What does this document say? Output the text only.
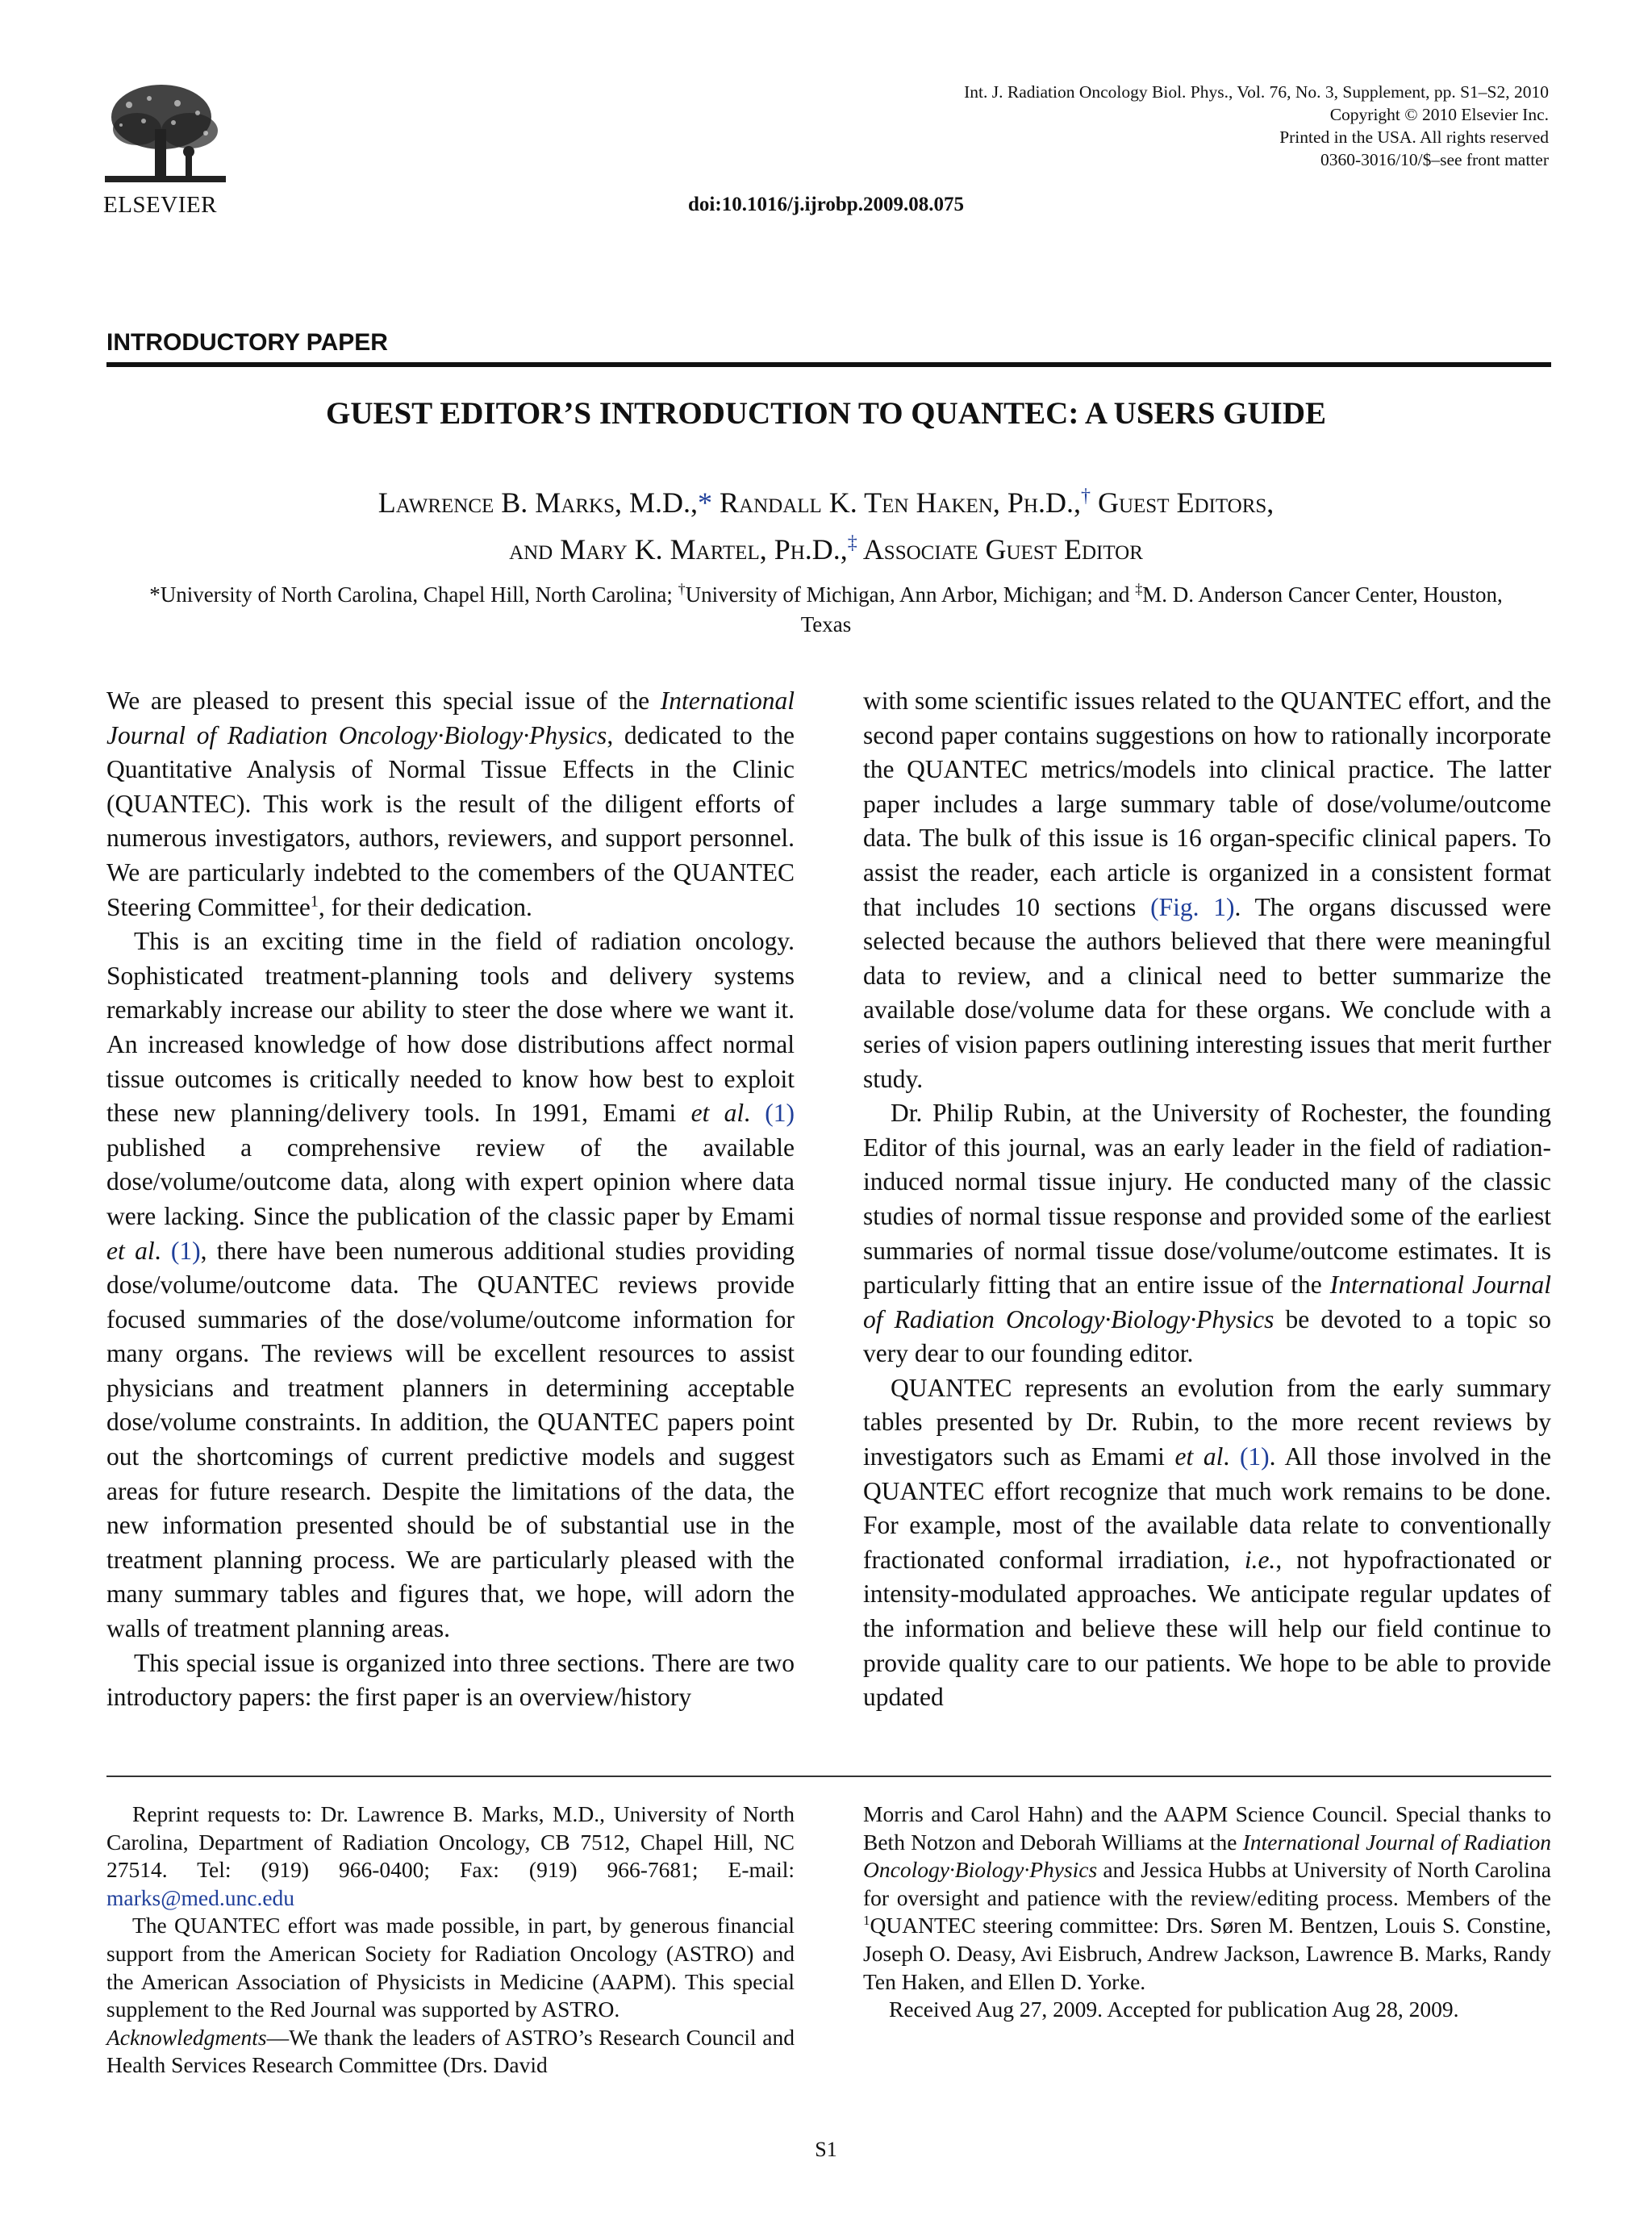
ELSEVIER
Int. J. Radiation Oncology Biol. Phys., Vol. 76, No. 3, Supplement, pp. S1–S2, 2010
Copyright © 2010 Elsevier Inc.
Printed in the USA. All rights reserved
0360-3016/10/$–see front matter
doi:10.1016/j.ijrobp.2009.08.075
INTRODUCTORY PAPER
GUEST EDITOR’S INTRODUCTION TO QUANTEC: A USERS GUIDE
Lawrence B. Marks, M.D.,* Randall K. Ten Haken, Ph.D.,† Guest Editors,
and Mary K. Martel, Ph.D.,‡ Associate Guest Editor
*University of North Carolina, Chapel Hill, North Carolina; †University of Michigan, Ann Arbor, Michigan; and ‡M. D. Anderson Cancer Center, Houston, Texas

We are pleased to present this special issue of the International Journal of Radiation Oncology·Biology·Physics, dedicated to the Quantitative Analysis of Normal Tissue Effects in the Clinic (QUANTEC). This work is the result of the diligent efforts of numerous investigators, authors, reviewers, and support personnel. We are particularly indebted to the comembers of the QUANTEC Steering Committee$^1$, for their dedication.

This is an exciting time in the field of radiation oncology. Sophisticated treatment-planning tools and delivery systems remarkably increase our ability to steer the dose where we want it. An increased knowledge of how dose distributions affect normal tissue outcomes is critically needed to know how best to exploit these new planning/delivery tools. In 1991, Emami et al. (1) published a comprehensive review of the available dose/volume/outcome data, along with expert opinion where data were lacking. Since the publication of the classic paper by Emami et al. (1), there have been numerous additional studies providing dose/volume/outcome data. The QUANTEC reviews provide focused summaries of the dose/volume/outcome information for many organs. The reviews will be excellent resources to assist physicians and treatment planners in determining acceptable dose/volume constraints. In addition, the QUANTEC papers point out the shortcomings of current predictive models and suggest areas for future research. Despite the limitations of the data, the new information presented should be of substantial use in the treatment planning process. We are particularly pleased with the many summary tables and figures that, we hope, will adorn the walls of treatment planning areas.

This special issue is organized into three sections. There are two introductory papers: the first paper is an overview/history

with some scientific issues related to the QUANTEC effort, and the second paper contains suggestions on how to rationally incorporate the QUANTEC metrics/models into clinical practice. The latter paper includes a large summary table of dose/volume/outcome data. The bulk of this issue is 16 organ-specific clinical papers. To assist the reader, each article is organized in a consistent format that includes 10 sections (Fig. 1). The organs discussed were selected because the authors believed that there were meaningful data to review, and a clinical need to better summarize the available dose/volume data for these organs. We conclude with a series of vision papers outlining interesting issues that merit further study.

Dr. Philip Rubin, at the University of Rochester, the founding Editor of this journal, was an early leader in the field of radiation-induced normal tissue injury. He conducted many of the classic studies of normal tissue response and provided some of the earliest summaries of normal tissue dose/volume/outcome estimates. It is particularly fitting that an entire issue of the International Journal of Radiation Oncology·Biology·Physics be devoted to a topic so very dear to our founding editor.

QUANTEC represents an evolution from the early summary tables presented by Dr. Rubin, to the more recent reviews by investigators such as Emami et al. (1). All those involved in the QUANTEC effort recognize that much work remains to be done. For example, most of the available data relate to conventionally fractionated conformal irradiation, i.e., not hypofractionated or intensity-modulated approaches. We anticipate regular updates of the information and believe these will help our field continue to provide quality care to our patients. We hope to be able to provide updated

Reprint requests to: Dr. Lawrence B. Marks, M.D., University of North Carolina, Department of Radiation Oncology, CB 7512, Chapel Hill, NC 27514. Tel: (919) 966-0400; Fax: (919) 966-7681; E-mail: marks@med.unc.edu

The QUANTEC effort was made possible, in part, by generous financial support from the American Society for Radiation Oncology (ASTRO) and the American Association of Physicists in Medicine (AAPM). This special supplement to the Red Journal was supported by ASTRO.

Acknowledgments—We thank the leaders of ASTRO’s Research Council and Health Services Research Committee (Drs. David

Morris and Carol Hahn) and the AAPM Science Council. Special thanks to Beth Notzon and Deborah Williams at the International Journal of Radiation Oncology·Biology·Physics and Jessica Hubbs at University of North Carolina for oversight and patience with the review/editing process. Members of the $^1$QUANTEC steering committee: Drs. Søren M. Bentzen, Louis S. Constine, Joseph O. Deasy, Avi Eisbruch, Andrew Jackson, Lawrence B. Marks, Randy Ten Haken, and Ellen D. Yorke.

Received Aug 27, 2009. Accepted for publication Aug 28, 2009.

S1
